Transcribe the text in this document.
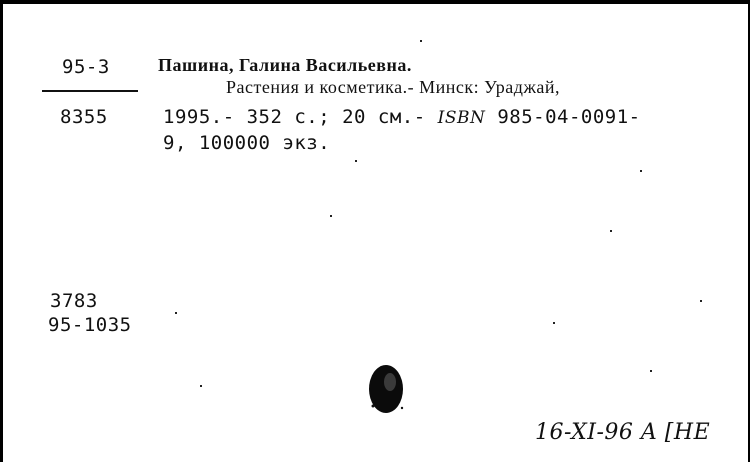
95-3
8355
Пашина, Галина Васильевна.
Растения и косметика.- Минск: Ураджай,
1995.- 352 с.; 20 см.- ISBN 985-04-0091-
9, 100000 экз.
3783
95-1035
16-XI-96 A [HE
